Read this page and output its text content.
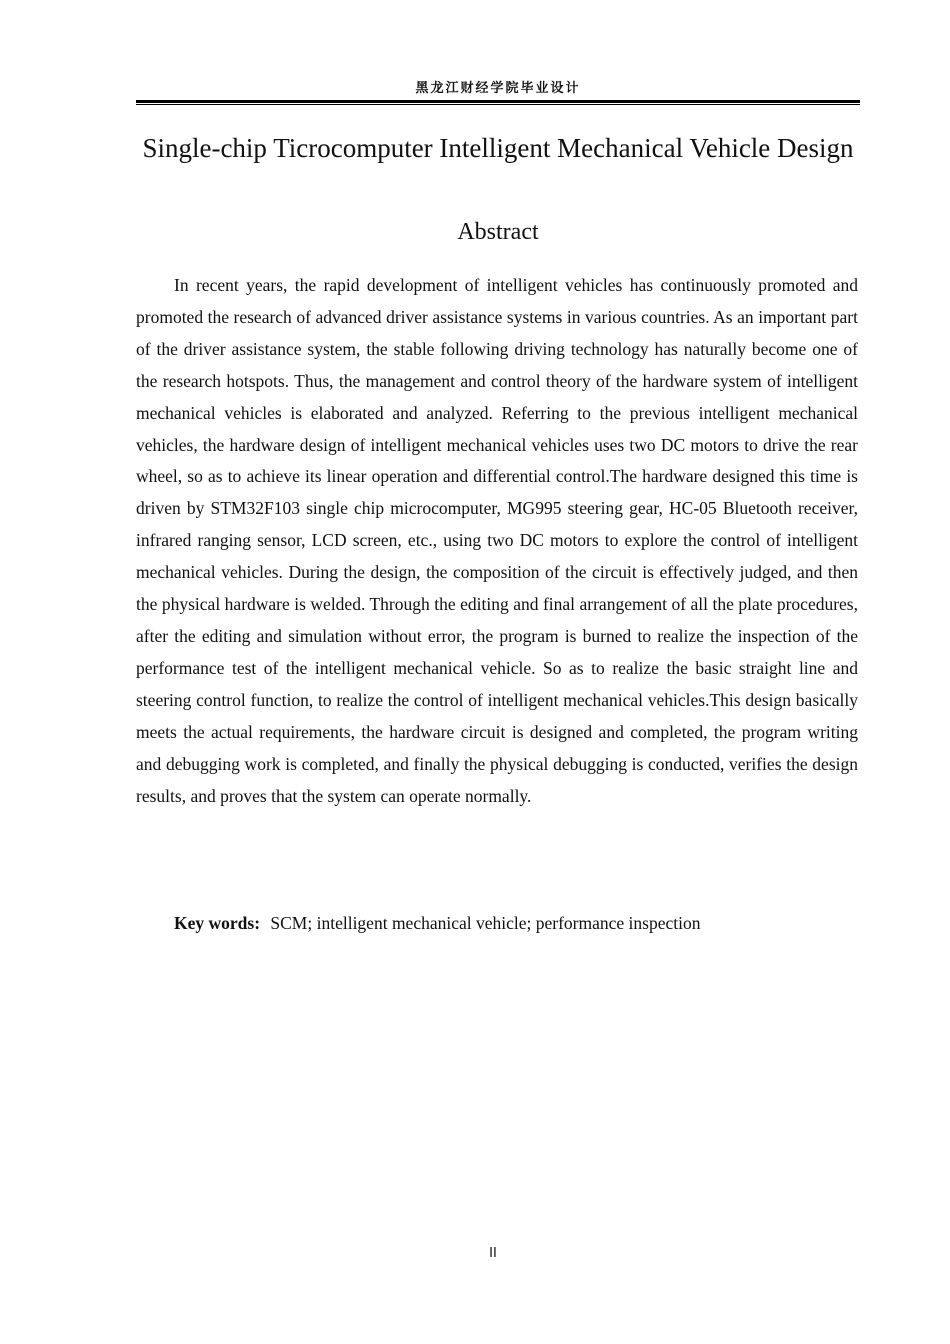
黑龙江财经学院毕业设计
Single-chip Ticrocomputer Intelligent Mechanical Vehicle Design
Abstract

In recent years, the rapid development of intelligent vehicles has continuously promoted and promoted the research of advanced driver assistance systems in various countries. As an important part of the driver assistance system, the stable following driving technology has naturally become one of the research hotspots. Thus, the management and control theory of the hardware system of intelligent mechanical vehicles is elaborated and analyzed. Referring to the previous intelligent mechanical vehicles, the hardware design of intelligent mechanical vehicles uses two DC motors to drive the rear wheel, so as to achieve its linear operation and differential control.The hardware designed this time is driven by STM32F103 single chip microcomputer, MG995 steering gear, HC-05 Bluetooth receiver, infrared ranging sensor, LCD screen, etc., using two DC motors to explore the control of intelligent mechanical vehicles. During the design, the composition of the circuit is effectively judged, and then the physical hardware is welded. Through the editing and final arrangement of all the plate procedures, after the editing and simulation without error, the program is burned to realize the inspection of the performance test of the intelligent mechanical vehicle. So as to realize the basic straight line and steering control function, to realize the control of intelligent mechanical vehicles.This design basically meets the actual requirements, the hardware circuit is designed and completed, the program writing and debugging work is completed, and finally the physical debugging is conducted, verifies the design results, and proves that the system can operate normally.

Key words: SCM; intelligent mechanical vehicle; performance inspection
II
